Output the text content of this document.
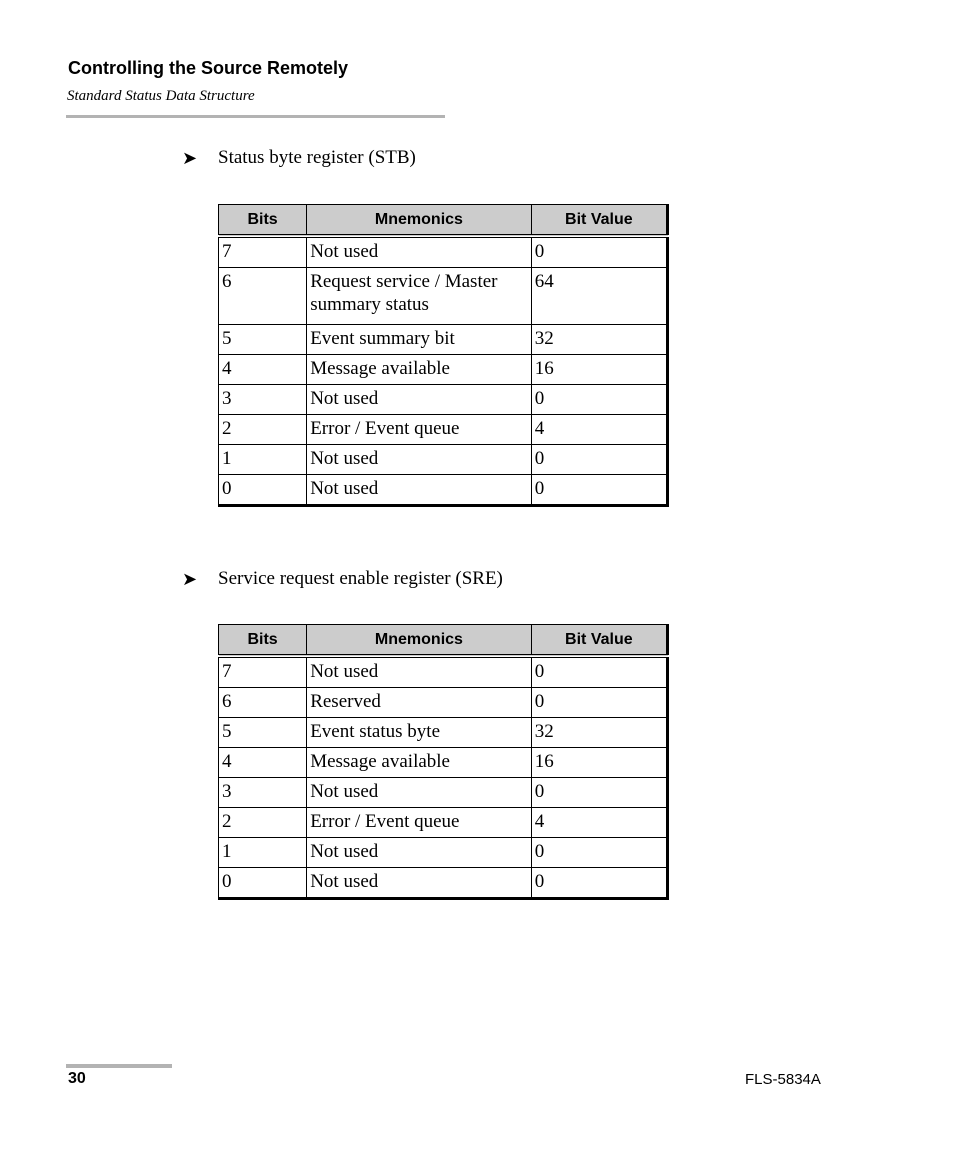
Controlling the Source Remotely
Standard Status Data Structure
➤	Status byte register (STB)
Bits	Mnemonics	Bit Value
7	Not used	0
6	Request service / Master summary status	64
5	Event summary bit	32
4	Message available	16
3	Not used	0
2	Error / Event queue	4
1	Not used	0
0	Not used	0
➤	Service request enable register (SRE)
Bits	Mnemonics	Bit Value
7	Not used	0
6	Reserved	0
5	Event status byte	32
4	Message available	16
3	Not used	0
2	Error / Event queue	4
1	Not used	0
0	Not used	0
30	FLS-5834A
